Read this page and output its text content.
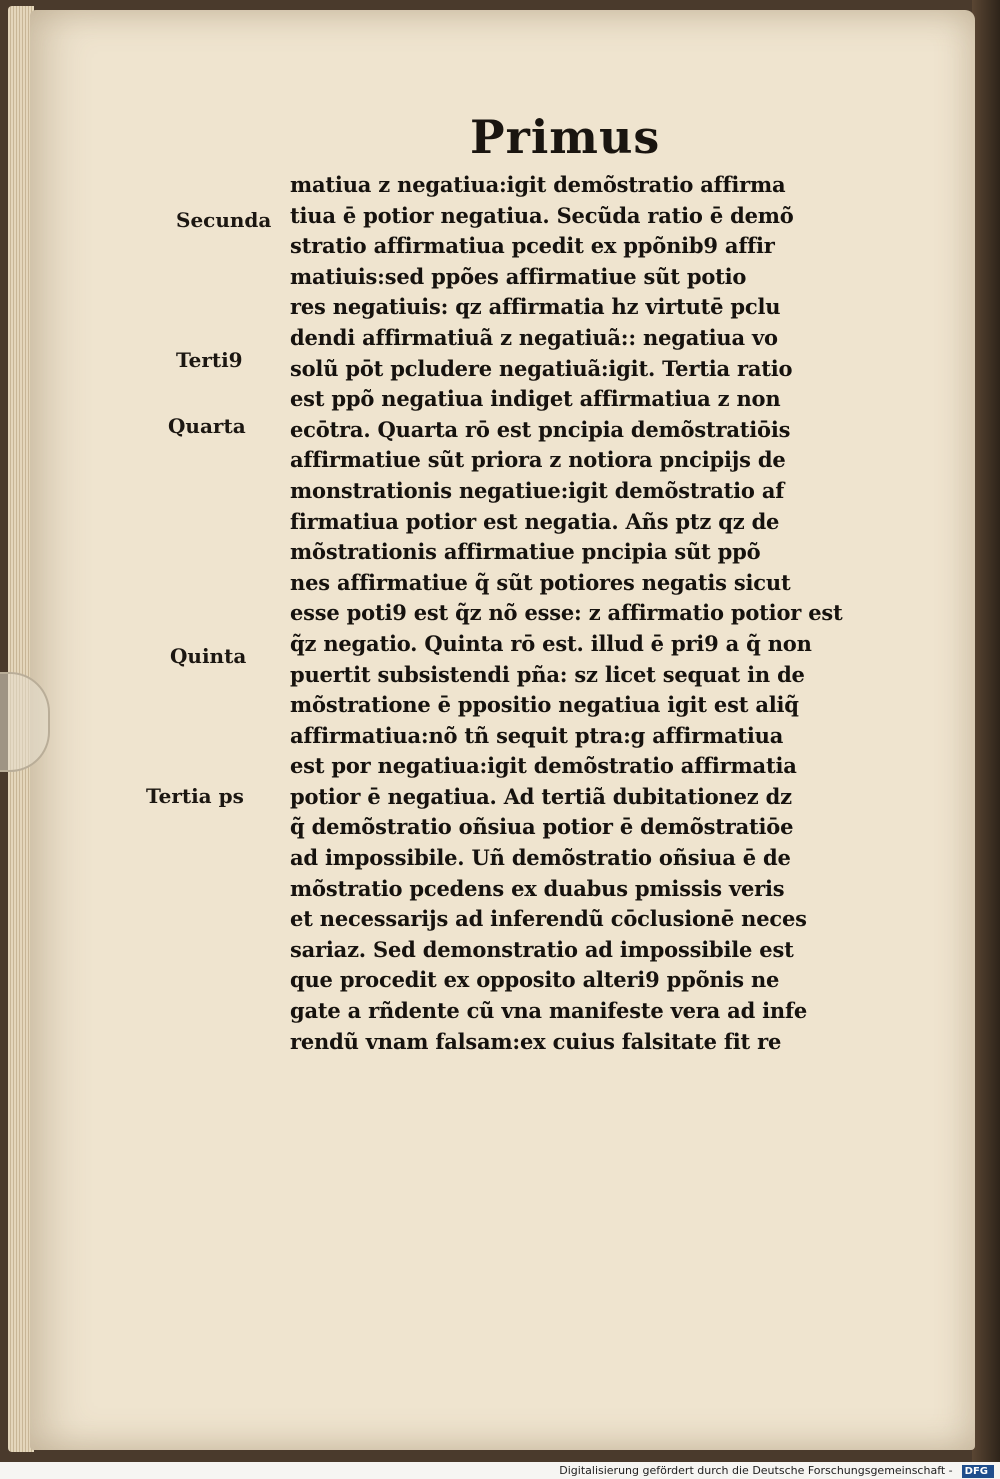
Primus
Secunda
Terti9
Quarta
Quinta
Tertia ps
matiua z negatiua:igit demõstratio affirma
tiua ē potior negatiua. Secũda ratio ē demõ
stratio affirmatiua pcedit ex ppõnib9 affir
matiuis:sed ppões affirmatiue sũt potio
res negatiuis: qz affirmatia hz virtutē pclu
dendi affirmatiuã z negatiuã:: negatiua vo
solũ pōt pcludere negatiuã:igit. Tertia ratio
est ppõ negatiua indiget affirmatiua z non
ecōtra. Quarta rō est pncipia demõstratiōis
affirmatiue sũt priora z notiora pncipijs de
monstrationis negatiue:igit demõstratio af
firmatiua potior est negatia. Añs ptz qz de
mõstrationis affirmatiue pncipia sũt ppõ
nes affirmatiue q̃ sũt potiores negatis sicut
esse poti9 est q̃z nõ esse: z affirmatio potior est
q̃z negatio. Quinta rō est. illud ē pri9 a q̃ non
puertit subsistendi pña: sz licet sequat in de
mõstratione ē ppositio negatiua igit est aliq̃
affirmatiua:nõ tñ sequit ptra:g affirmatiua
est por negatiua:igit demõstratio affirmatia
potior ē negatiua. Ad tertiã dubitationez dz
q̃ demõstratio oñsiua potior ē demõstratiōe
ad impossibile. Uñ demõstratio oñsiua ē de
mõstratio pcedens ex duabus pmissis veris
et necessarijs ad inferendũ cōclusionē neces
sariaz. Sed demonstratio ad impossibile est
que procedit ex opposito alteri9 ppõnis ne
gate a rñdente cũ vna manifeste vera ad infe
rendũ vnam falsam:ex cuius falsitate fit re
Digitalisierung gefördert durch die Deutsche Forschungsgemeinschaft - DFG
